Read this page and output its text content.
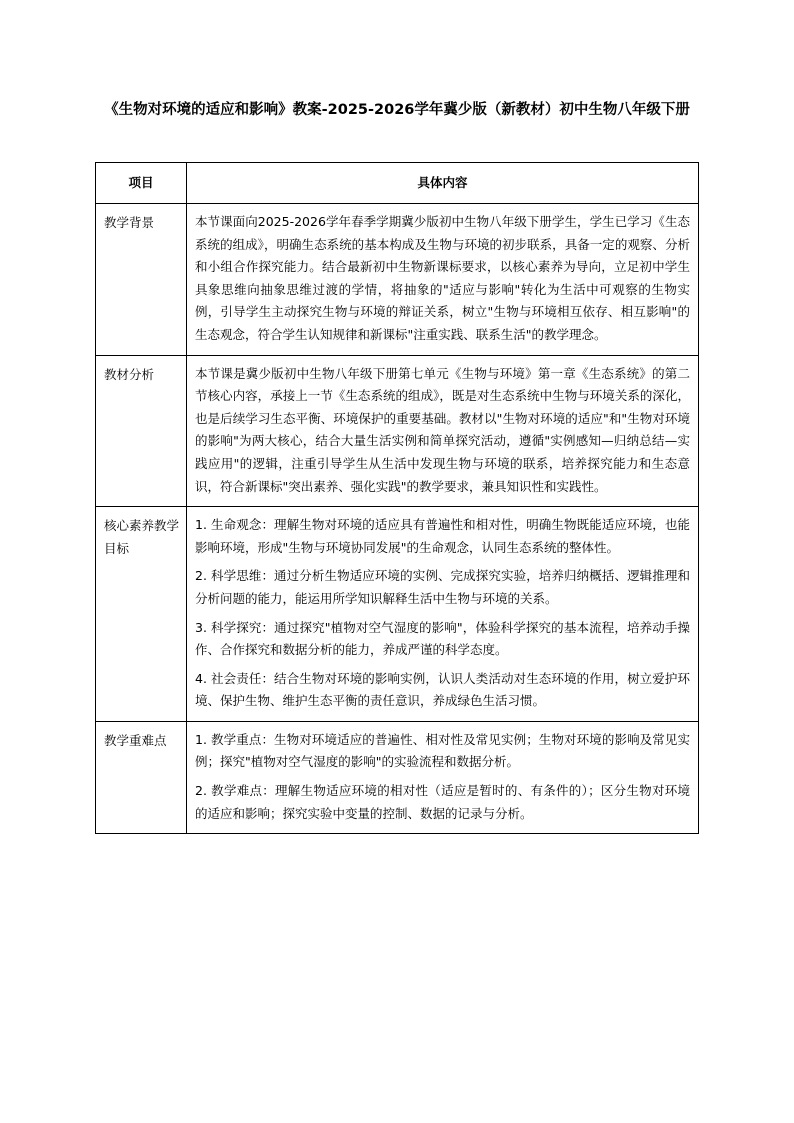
《生物对环境的适应和影响》教案-2025-2026学年冀少版（新教材）初中生物八年级下册
项目	具体内容
教学背景	本节课面向2025-2026学年春季学期冀少版初中生物八年级下册学生，学生已学习《生态系统的组成》，明确生态系统的基本构成及生物与环境的初步联系，具备一定的观察、分析和小组合作探究能力。结合最新初中生物新课标要求，以核心素养为导向，立足初中学生具象思维向抽象思维过渡的学情，将抽象的"适应与影响"转化为生活中可观察的生物实例，引导学生主动探究生物与环境的辩证关系，树立"生物与环境相互依存、相互影响"的生态观念，符合学生认知规律和新课标"注重实践、联系生活"的教学理念。

教材分析	本节课是冀少版初中生物八年级下册第七单元《生物与环境》第一章《生态系统》的第二节核心内容，承接上一节《生态系统的组成》，既是对生态系统中生物与环境关系的深化，也是后续学习生态平衡、环境保护的重要基础。教材以"生物对环境的适应"和"生物对环境的影响"为两大核心，结合大量生活实例和简单探究活动，遵循"实例感知—归纳总结—实践应用"的逻辑，注重引导学生从生活中发现生物与环境的联系，培养探究能力和生态意识，符合新课标"突出素养、强化实践"的教学要求，兼具知识性和实践性。

核心素养教学目标	1. 生命观念：理解生物对环境的适应具有普遍性和相对性，明确生物既能适应环境，也能影响环境，形成"生物与环境协同发展"的生命观念，认同生态系统的整体性。

2. 科学思维：通过分析生物适应环境的实例、完成探究实验，培养归纳概括、逻辑推理和分析问题的能力，能运用所学知识解释生活中生物与环境的关系。

3. 科学探究：通过探究"植物对空气湿度的影响"，体验科学探究的基本流程，培养动手操作、合作探究和数据分析的能力，养成严谨的科学态度。

4. 社会责任：结合生物对环境的影响实例，认识人类活动对生态环境的作用，树立爱护环境、保护生物、维护生态平衡的责任意识，养成绿色生活习惯。

教学重难点	1. 教学重点：生物对环境适应的普遍性、相对性及常见实例；生物对环境的影响及常见实例；探究"植物对空气湿度的影响"的实验流程和数据分析。

2. 教学难点：理解生物适应环境的相对性（适应是暂时的、有条件的）；区分生物对环境的适应和影响；探究实验中变量的控制、数据的记录与分析。
